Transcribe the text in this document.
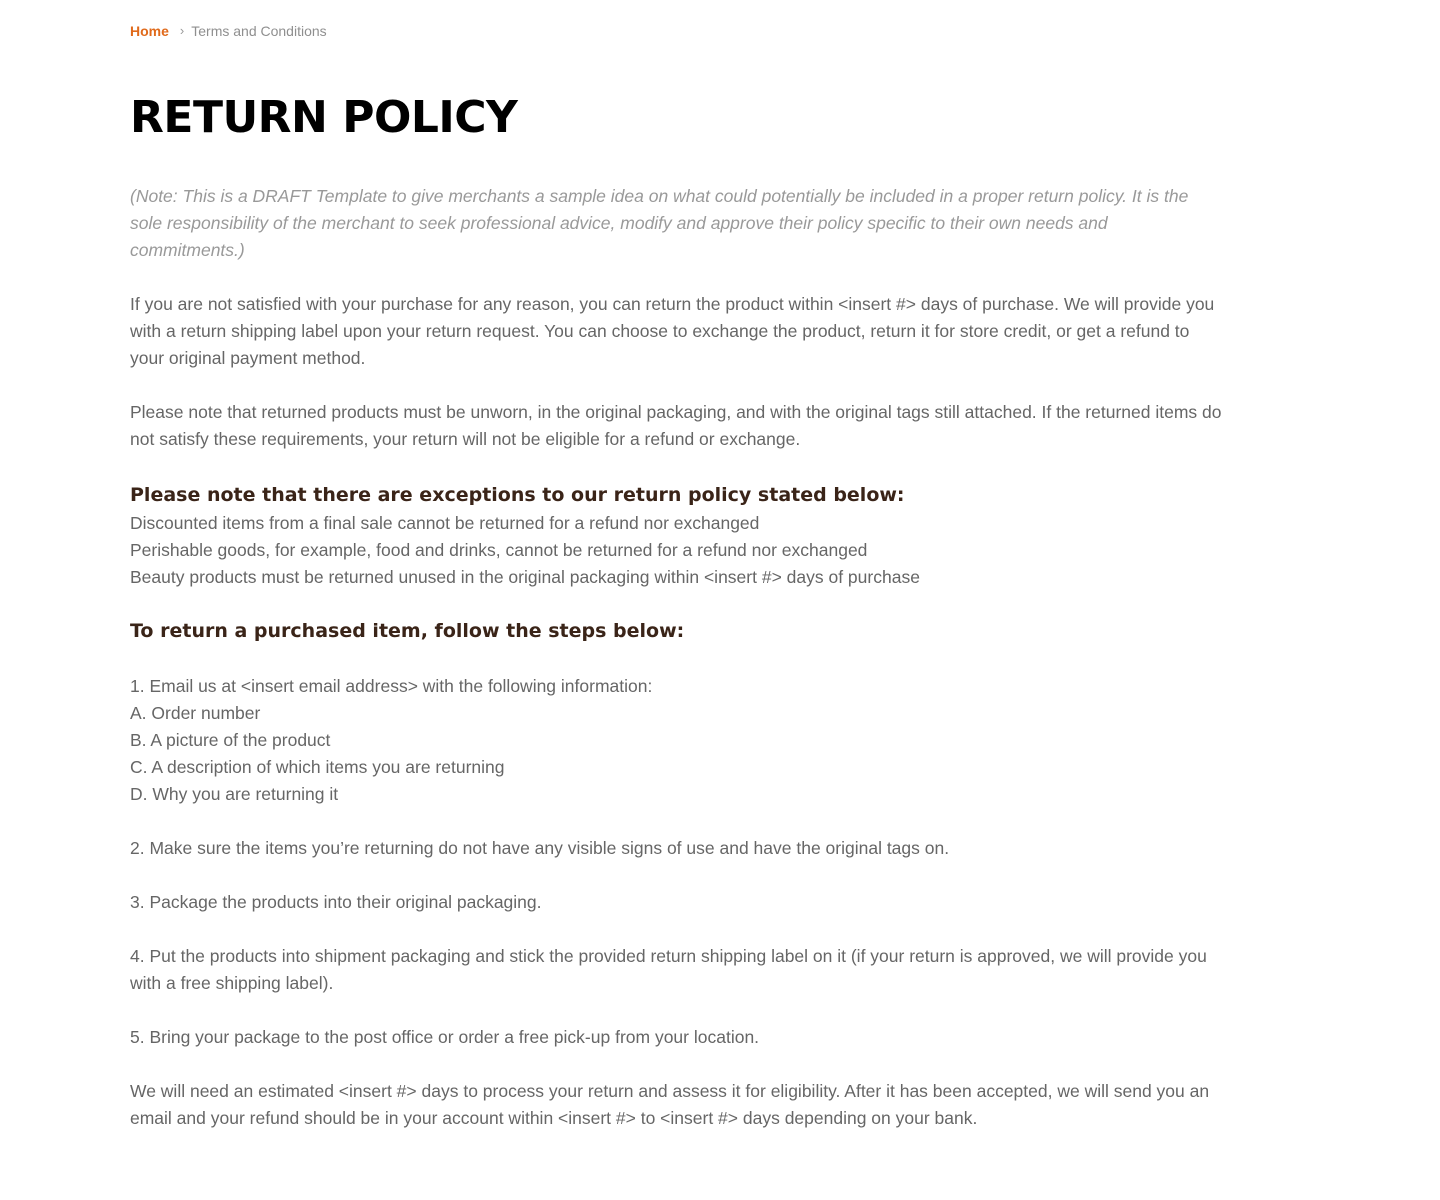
Home › Terms and Conditions
RETURN POLICY

(Note: This is a DRAFT Template to give merchants a sample idea on what could potentially be included in a proper return policy. It is the sole responsibility of the merchant to seek professional advice, modify and approve their policy specific to their own needs and commitments.)

If you are not satisfied with your purchase for any reason, you can return the product within <insert #> days of purchase. We will provide you with a return shipping label upon your return request. You can choose to exchange the product, return it for store credit, or get a refund to your original payment method.

Please note that returned products must be unworn, in the original packaging, and with the original tags still attached. If the returned items do not satisfy these requirements, your return will not be eligible for a refund or exchange.

Please note that there are exceptions to our return policy stated below:
Discounted items from a final sale cannot be returned for a refund nor exchanged
Perishable goods, for example, food and drinks, cannot be returned for a refund nor exchanged
Beauty products must be returned unused in the original packaging within <insert #> days of purchase
To return a purchased item, follow the steps below:
1. Email us at <insert email address> with the following information:
A. Order number
B. A picture of the product
C. A description of which items you are returning
D. Why you are returning it

2. Make sure the items you’re returning do not have any visible signs of use and have the original tags on.

3. Package the products into their original packaging.

4. Put the products into shipment packaging and stick the provided return shipping label on it (if your return is approved, we will provide you with a free shipping label).

5. Bring your package to the post office or order a free pick-up from your location.

We will need an estimated <insert #> days to process your return and assess it for eligibility. After it has been accepted, we will send you an email and your refund should be in your account within <insert #> to <insert #> days depending on your bank.
